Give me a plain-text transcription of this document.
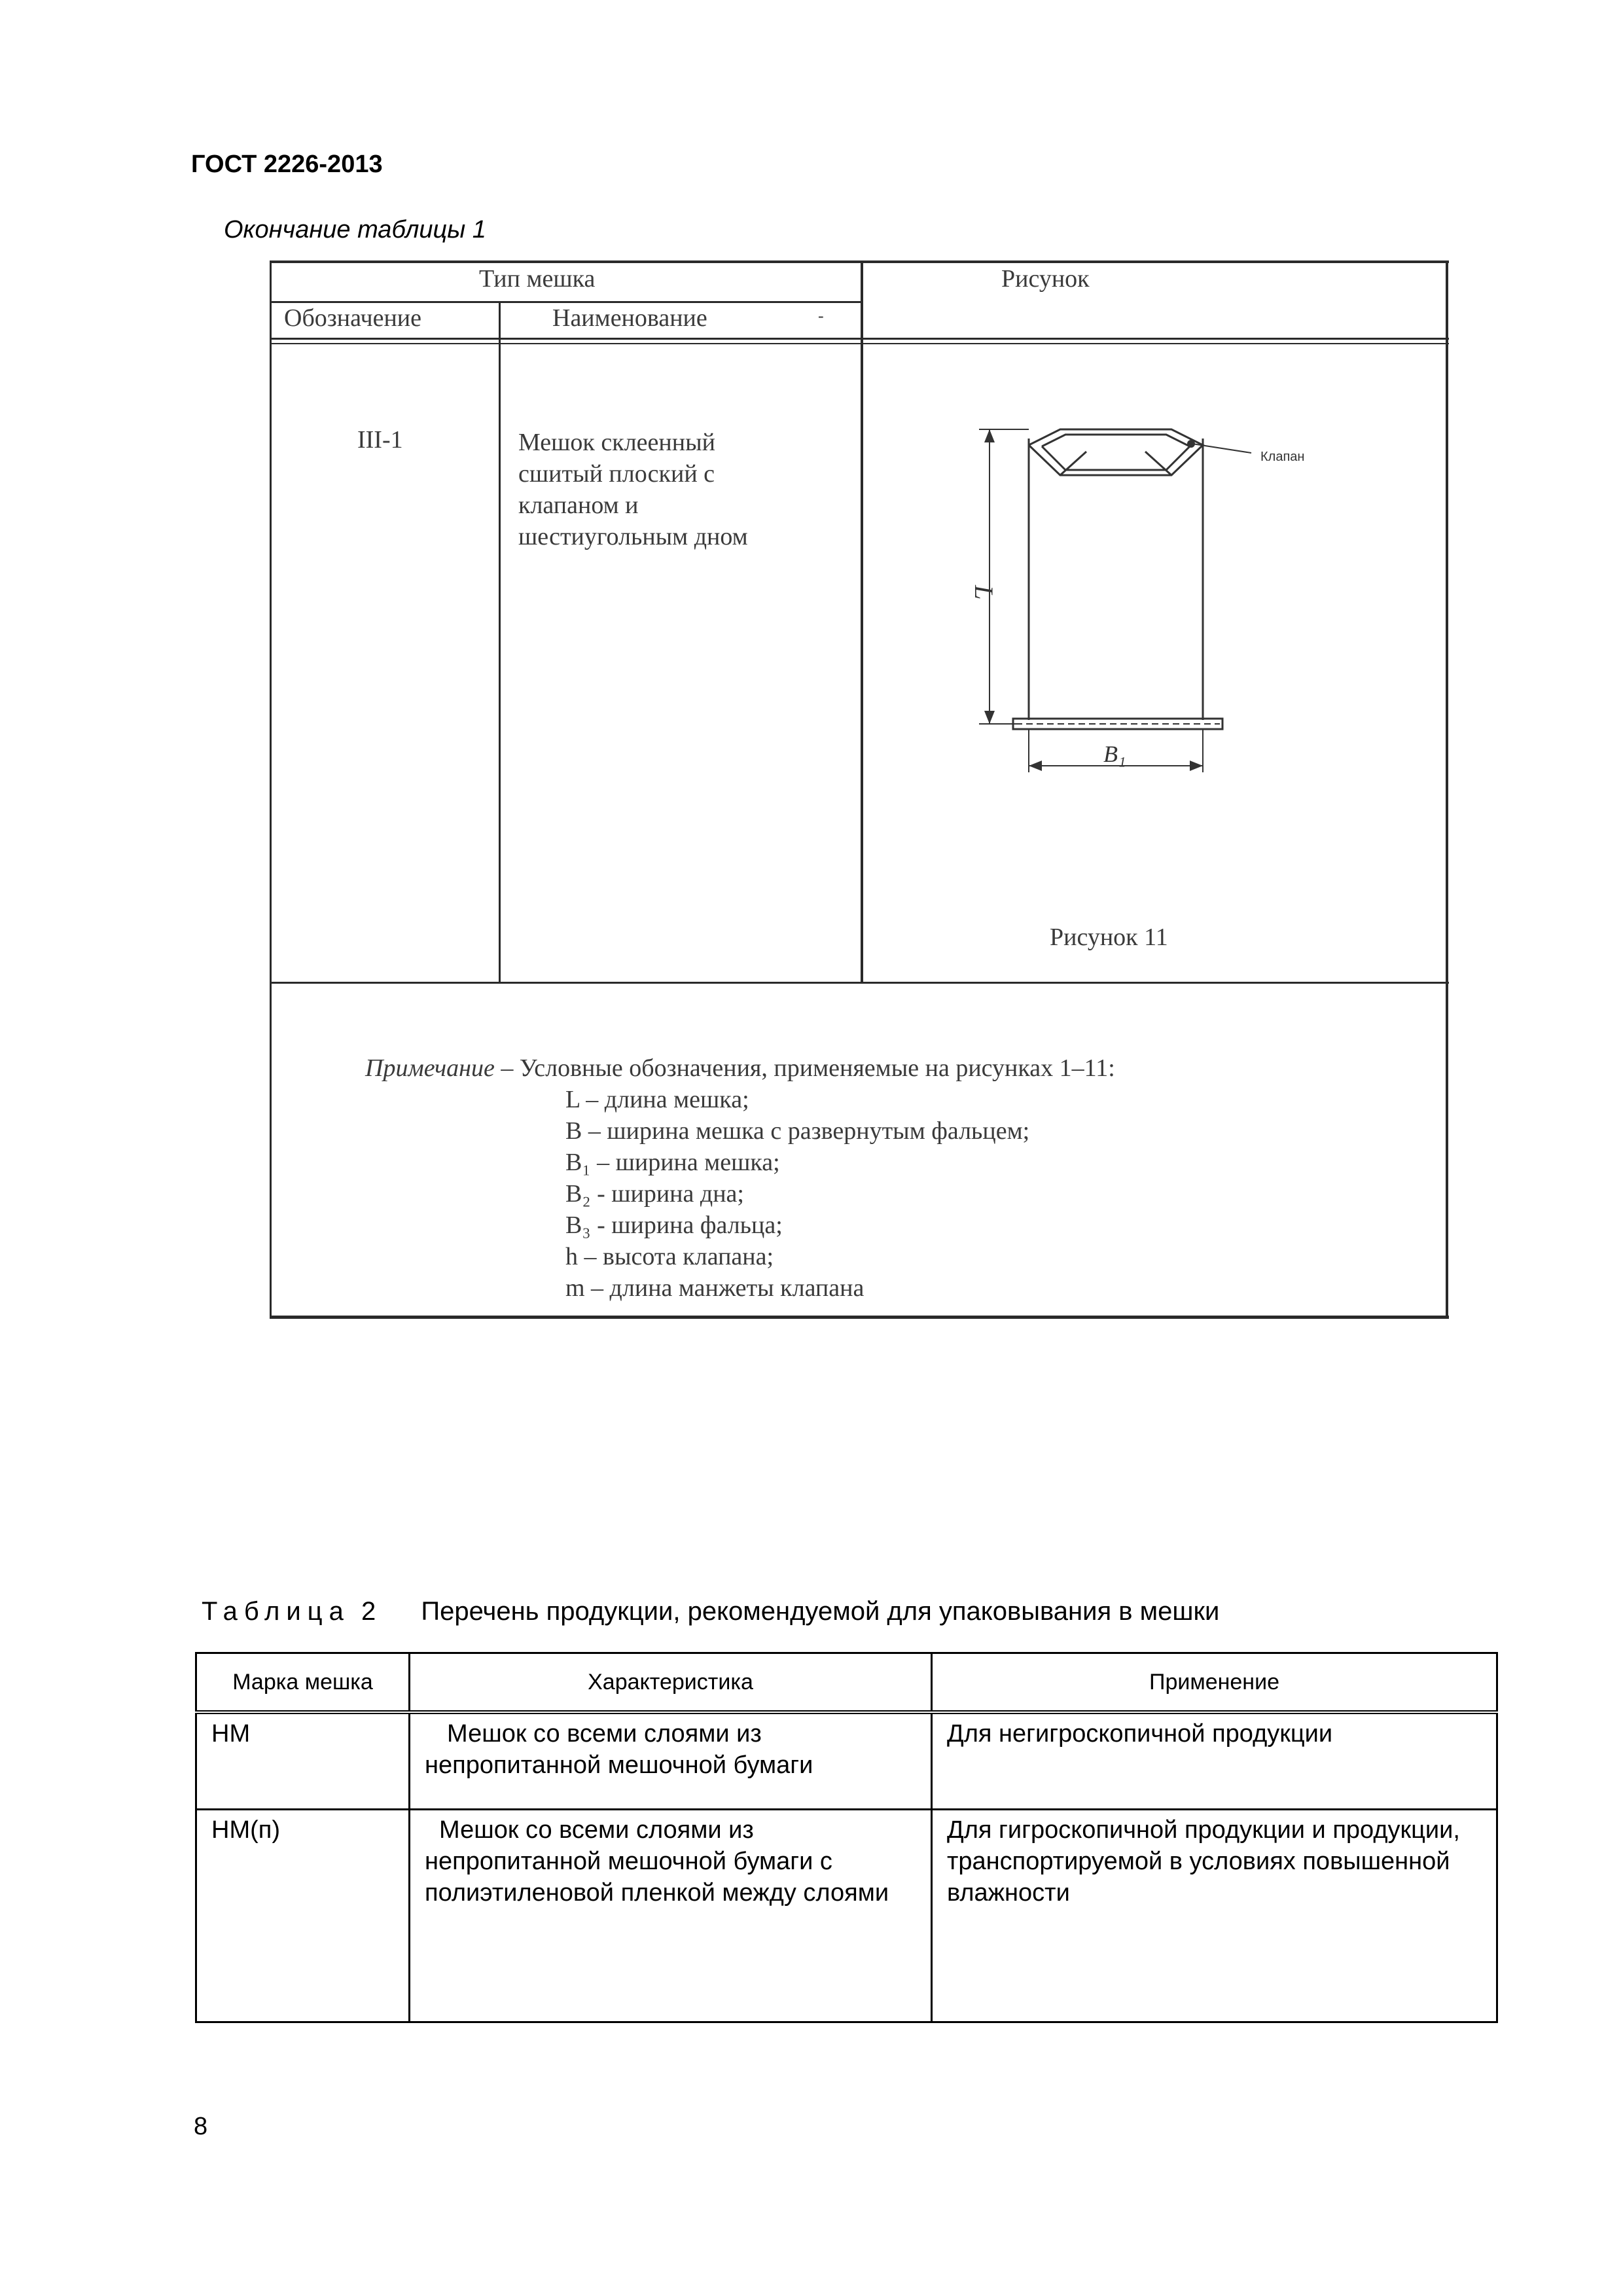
ГОСТ 2226-2013
Окончание таблицы 1
Тип мешка
Обозначение	Наименование	-
Рисунок
III-1	Мешок склеенный
сшитый плоский с
клапаном и
шестиугольным дном
Рисунок 11
Примечание – Условные обозначения, применяемые на рисунках 1–11:
L – длина мешка;
B – ширина мешка с развернутым фальцем;
B₁ – ширина мешка;
B₂ - ширина дна;
B₃ - ширина фальца;
h – высота клапана;
m – длина манжеты клапана
Клапан
L
B₁
Таблица 2 Перечень продукции, рекомендуемой для упаковывания в мешки
Марка мешка	Характеристика	Применение
НМ	Мешок со всеми слоями из непропитанной мешочной бумаги	Для негигроскопичной продукции
НМ(п)	Мешок со всеми слоями из непропитанной мешочной бумаги с полиэтиленовой пленкой между слоями	Для гигроскопичной продукции и продукции, транспортируемой в условиях повышенной влажности
8
